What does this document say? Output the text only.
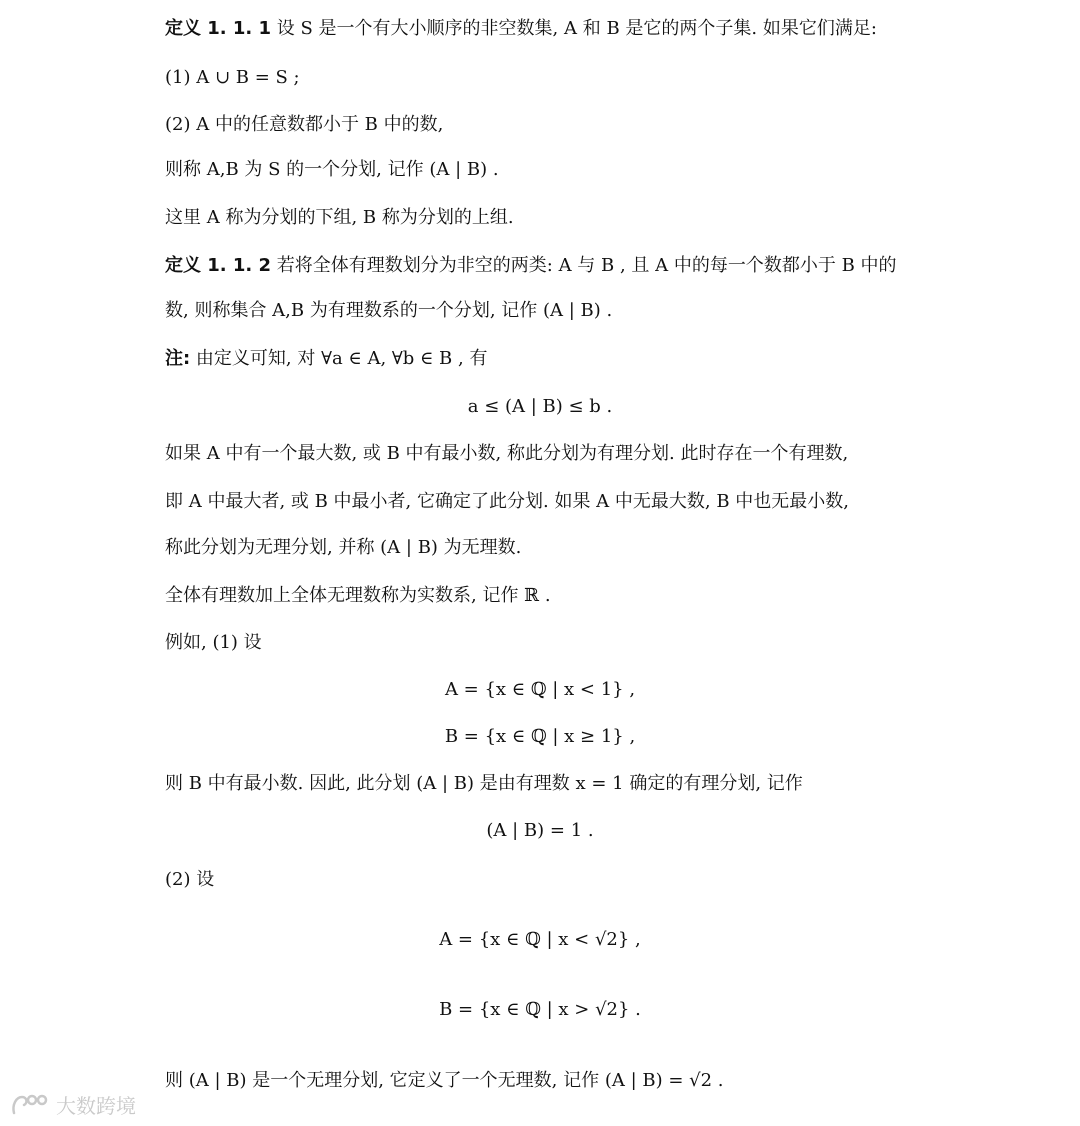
定义 1. 1. 1 设 S 是一个有大小顺序的非空数集, A 和 B 是它的两个子集. 如果它们满足:
(1) A ∪ B = S ;
(2) A 中的任意数都小于 B 中的数,
则称 A,B 为 S 的一个分划, 记作 (A | B) .
这里 A 称为分划的下组, B 称为分划的上组.
定义 1. 1. 2 若将全体有理数划分为非空的两类: A 与 B , 且 A 中的每一个数都小于 B 中的
数, 则称集合 A,B 为有理数系的一个分划, 记作 (A | B) .
注: 由定义可知, 对 ∀a ∈ A, ∀b ∈ B , 有
a ≤ (A | B) ≤ b .
如果 A 中有一个最大数, 或 B 中有最小数, 称此分划为有理分划. 此时存在一个有理数,
即 A 中最大者, 或 B 中最小者, 它确定了此分划. 如果 A 中无最大数, B 中也无最小数,
称此分划为无理分划, 并称 (A | B) 为无理数.
全体有理数加上全体无理数称为实数系, 记作 ℝ .
例如, (1) 设
A = {x ∈ ℚ | x < 1} ,
B = {x ∈ ℚ | x ≥ 1} ,
则 B 中有最小数. 因此, 此分划 (A | B) 是由有理数 x = 1 确定的有理分划, 记作
(A | B) = 1 .
(2) 设
A = {x ∈ ℚ | x < √2} ,
B = {x ∈ ℚ | x > √2} .
则 (A | B) 是一个无理分划, 它定义了一个无理数, 记作 (A | B) = √2 .
大数跨境
